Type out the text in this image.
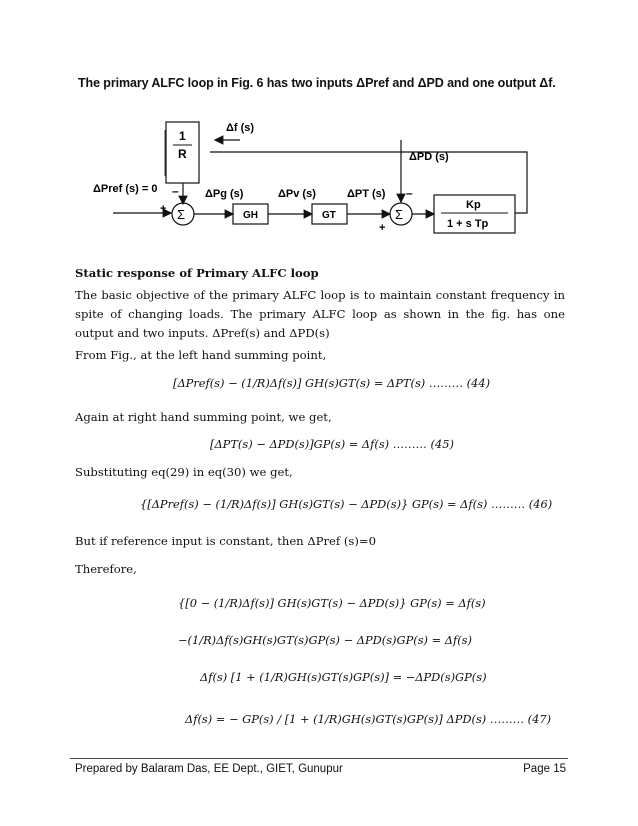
The primary ALFC loop in Fig. 6 has two inputs ΔPref and ΔPD and one output Δf.
Δf (s)
1
R
ΔPref (s) = 0 –
+ Σ
ΔPg (s)
GH
ΔPv (s)
GT
ΔPT (s)
+
Σ
ΔPD (s)
–
Kp
1 + s Tp
Static response of Primary ALFC loop
The basic objective of the primary ALFC loop is to maintain constant frequency in spite of changing loads. The primary ALFC loop as shown in the fig. has one output and two inputs. ΔPref(s) and ΔPD(s)
From Fig., at the left hand summing point,
[ΔPref(s) − (1/R)Δf(s)] GH(s)GT(s) = ΔPT(s) ……… (44)
Again at right hand summing point, we get,
[ΔPT(s) − ΔPD(s)]GP(s) = Δf(s) ……… (45)
Substituting eq(29) in eq(30) we get,
{[ΔPref(s) − (1/R)Δf(s)] GH(s)GT(s) − ΔPD(s)} GP(s) = Δf(s) ……… (46)
But if reference input is constant, then ΔPref (s)=0
Therefore,
{[0 − (1/R)Δf(s)] GH(s)GT(s) − ΔPD(s)} GP(s) = Δf(s)
−(1/R)Δf(s)GH(s)GT(s)GP(s) − ΔPD(s)GP(s) = Δf(s)
Δf(s) [1 + (1/R)GH(s)GT(s)GP(s)] = −ΔPD(s)GP(s)
Δf(s) = − GP(s) / [1 + (1/R)GH(s)GT(s)GP(s)] ΔPD(s) ……… (47)
Prepared by Balaram Das, EE Dept., GIET, Gunupur	Page 15
